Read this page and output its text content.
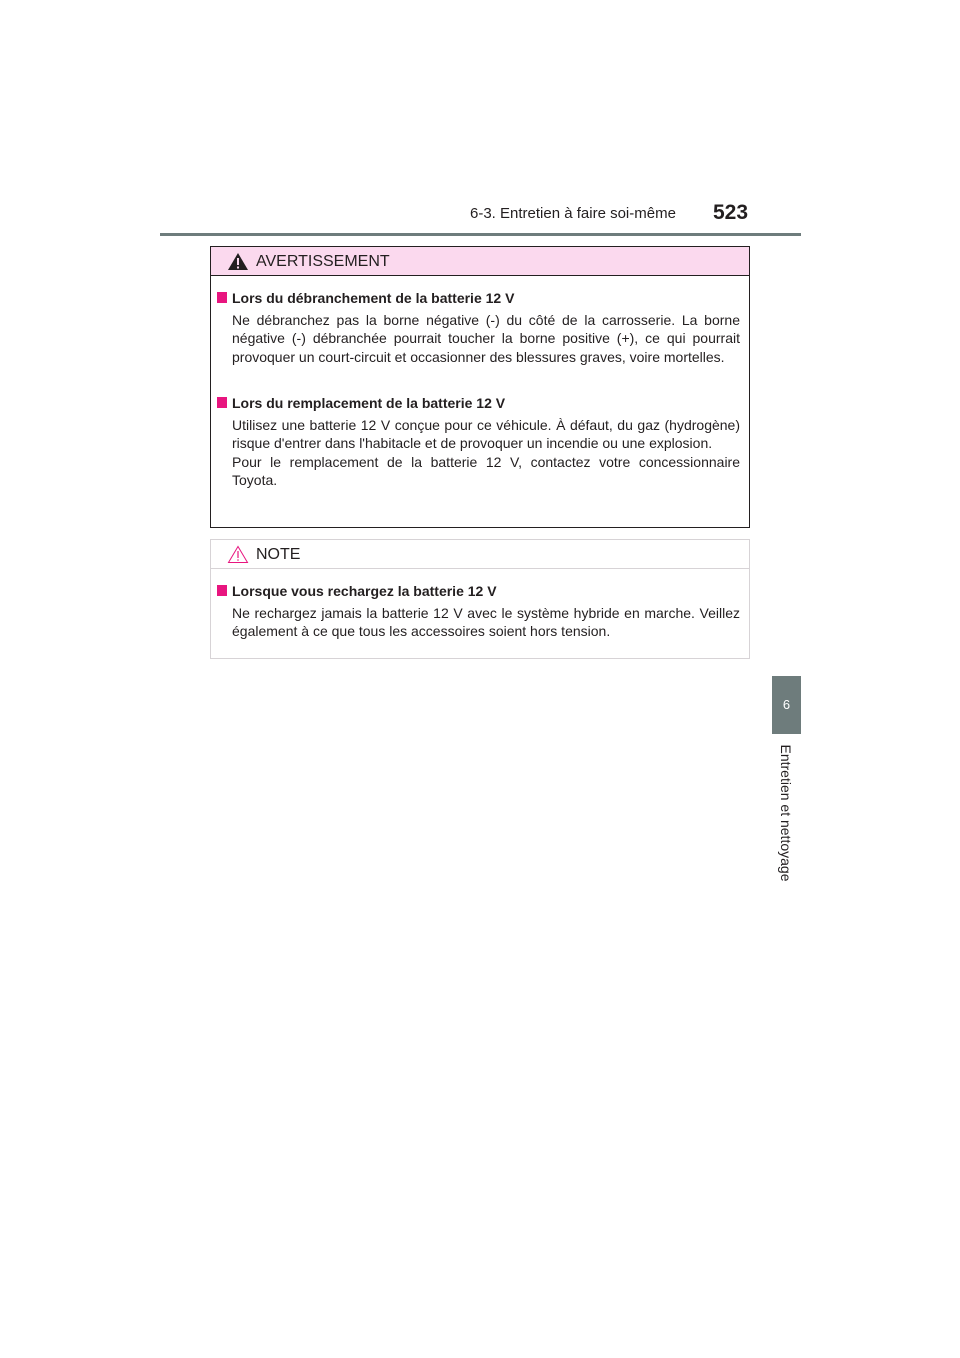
6-3. Entretien à faire soi-même 523
6
Entretien et nettoyage
AVERTISSEMENT
Lors du débranchement de la batterie 12 V

Ne débranchez pas la borne négative (-) du côté de la carrosserie. La borne négative (-) débranchée pourrait toucher la borne positive (+), ce qui pourrait provoquer un court-circuit et occasionner des blessures graves, voire mortelles.

Lors du remplacement de la batterie 12 V

Utilisez une batterie 12 V conçue pour ce véhicule. À défaut, du gaz (hydrogène) risque d'entrer dans l'habitacle et de provoquer un incendie ou une explosion.

Pour le remplacement de la batterie 12 V, contactez votre concessionnaire Toyota.

NOTE
Lorsque vous rechargez la batterie 12 V

Ne rechargez jamais la batterie 12 V avec le système hybride en marche. Veillez également à ce que tous les accessoires soient hors tension.
